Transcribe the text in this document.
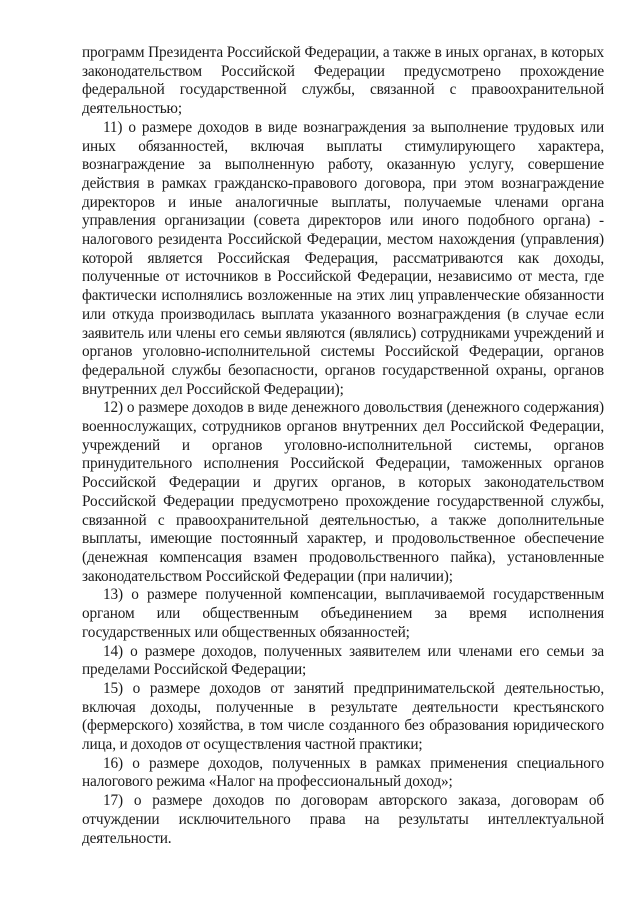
программ Президента Российской Федерации, а также в иных органах, в которых законодательством Российской Федерации предусмотрено прохождение федеральной государственной службы, связанной с правоохранительной деятельностью;

11) о размере доходов в виде вознаграждения за выполнение трудовых или иных обязанностей, включая выплаты стимулирующего характера, вознаграждение за выполненную работу, оказанную услугу, совершение действия в рамках гражданско-правового договора, при этом вознаграждение директоров и иные аналогичные выплаты, получаемые членами органа управления организации (совета директоров или иного подобного органа) - налогового резидента Российской Федерации, местом нахождения (управления) которой является Российская Федерация, рассматриваются как доходы, полученные от источников в Российской Федерации, независимо от места, где фактически исполнялись возложенные на этих лиц управленческие обязанности или откуда производилась выплата указанного вознаграждения (в случае если заявитель или члены его семьи являются (являлись) сотрудниками учреждений и органов уголовно-исполнительной системы Российской Федерации, органов федеральной службы безопасности, органов государственной охраны, органов внутренних дел Российской Федерации);

12) о размере доходов в виде денежного довольствия (денежного содержания) военнослужащих, сотрудников органов внутренних дел Российской Федерации, учреждений и органов уголовно-исполнительной системы, органов принудительного исполнения Российской Федерации, таможенных органов Российской Федерации и других органов, в которых законодательством Российской Федерации предусмотрено прохождение государственной службы, связанной с правоохранительной деятельностью, а также дополнительные выплаты, имеющие постоянный характер, и продовольственное обеспечение (денежная компенсация взамен продовольственного пайка), установленные законодательством Российской Федерации (при наличии);

13) о размере полученной компенсации, выплачиваемой государственным органом или общественным объединением за время исполнения государственных или общественных обязанностей;

14) о размере доходов, полученных заявителем или членами его семьи за пределами Российской Федерации;

15) о размере доходов от занятий предпринимательской деятельностью, включая доходы, полученные в результате деятельности крестьянского (фермерского) хозяйства, в том числе созданного без образования юридического лица, и доходов от осуществления частной практики;

16) о размере доходов, полученных в рамках применения специального налогового режима «Налог на профессиональный доход»;

17) о размере доходов по договорам авторского заказа, договорам об отчуждении исключительного права на результаты интеллектуальной деятельности.
